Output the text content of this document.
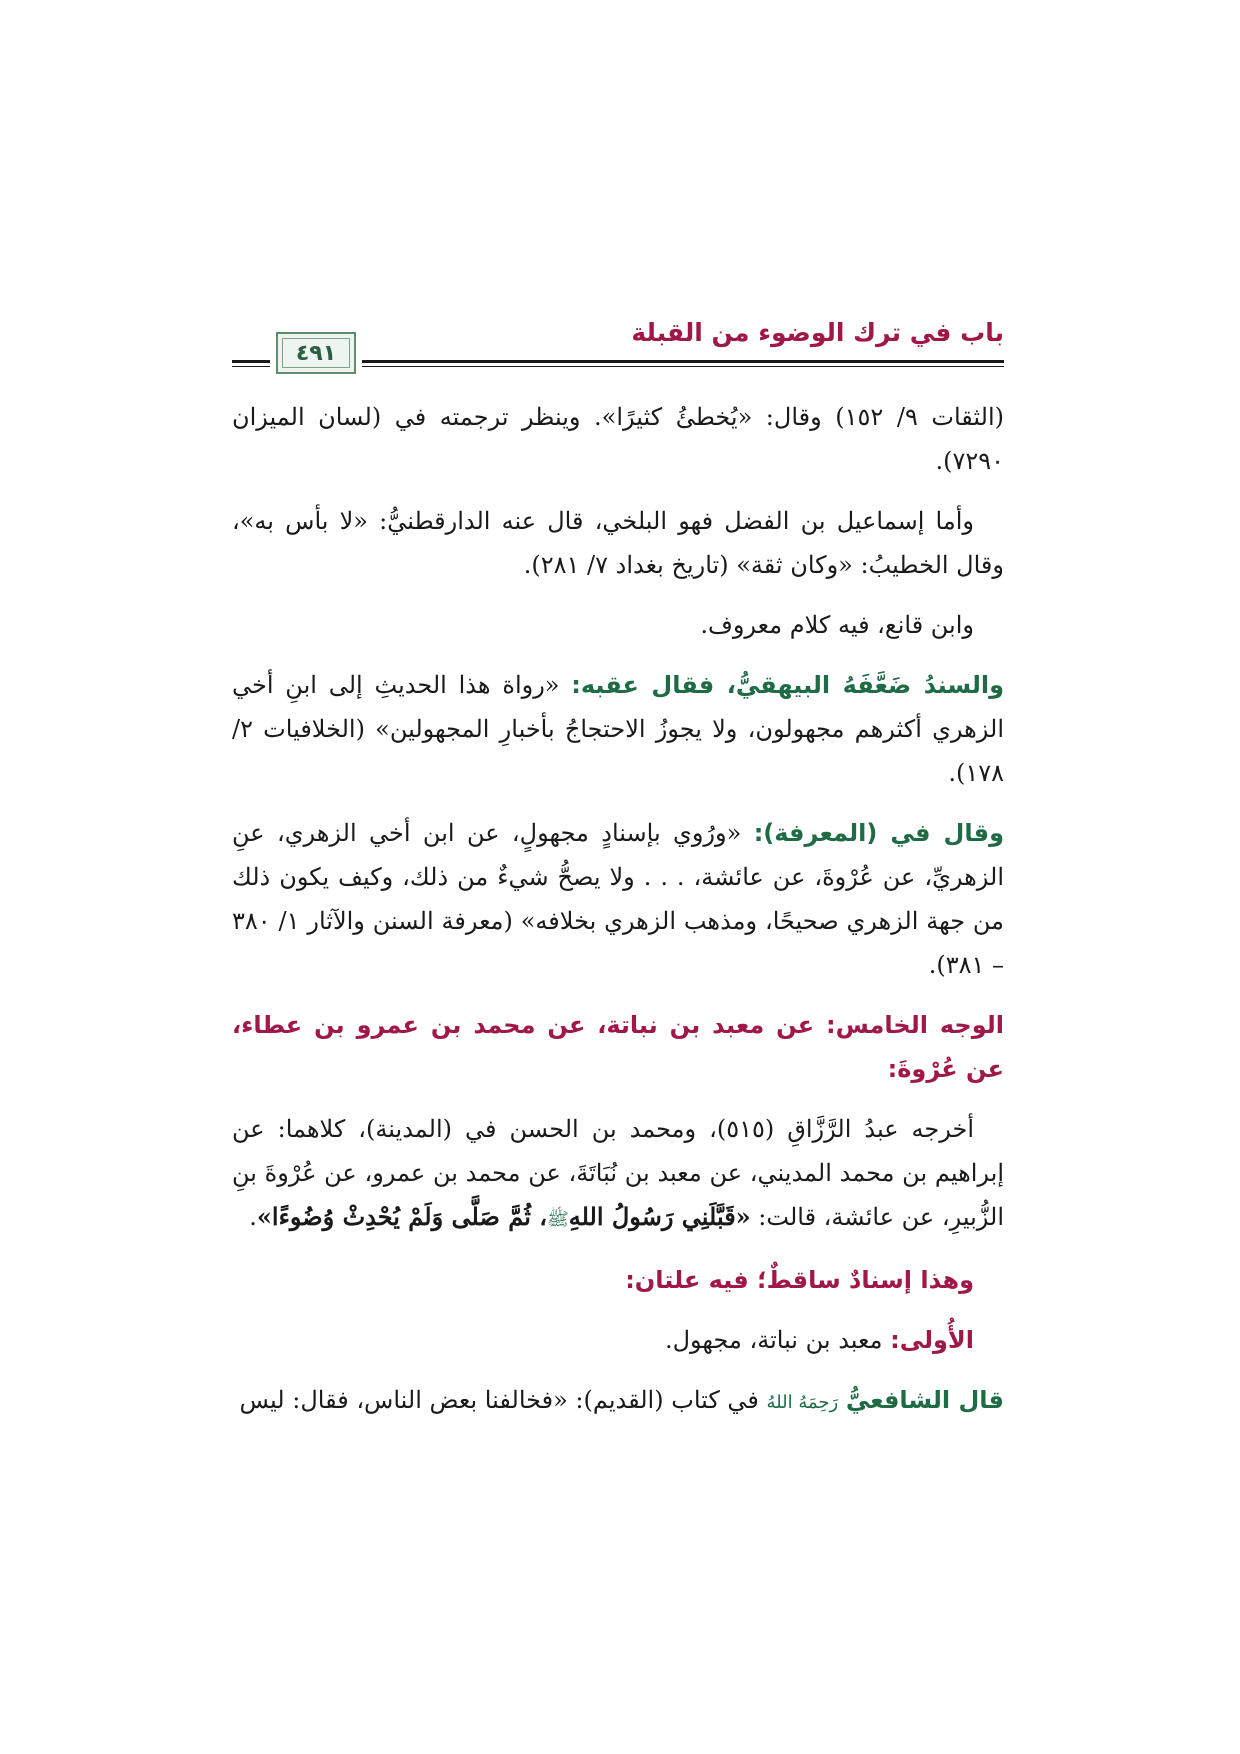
باب في ترك الوضوء من القبلة
٤٩١

(الثقات ٩/ ١٥٢) وقال: «يُخطئُ كثيرًا». وينظر ترجمته في (لسان الميزان ٧٢٩٠).

وأما إسماعيل بن الفضل فهو البلخي، قال عنه الدارقطنيُّ: «لا بأس به»، وقال الخطيبُ: «وكان ثقة» (تاريخ بغداد ٧/ ٢٨١).

وابن قانع، فيه كلام معروف.

والسندُ ضَعَّفَهُ البيهقيُّ، فقال عقبه: «رواة هذا الحديثِ إلى ابنِ أخي الزهري أكثرهم مجهولون، ولا يجوزُ الاحتجاجُ بأخبارِ المجهولين» (الخلافيات ٢/ ١٧٨).

وقال في (المعرفة): «ورُوي بإسنادٍ مجهولٍ، عن ابن أخي الزهري، عنِ الزهريِّ، عن عُرْوةَ، عن عائشة، . . . ولا يصحُّ شيءٌ من ذلك، وكيف يكون ذلك من جهة الزهري صحيحًا، ومذهب الزهري بخلافه» (معرفة السنن والآثار ١/ ٣٨٠ – ٣٨١).

الوجه الخامس: عن معبد بن نباتة، عن محمد بن عمرو بن عطاء، عن عُرْوةَ:

أخرجه عبدُ الرَّزَّاقِ (٥١٥)، ومحمد بن الحسن في (المدينة)، كلاهما: عن إبراهيم بن محمد المديني، عن معبد بن نُبَاتَةَ، عن محمد بن عمرو، عن عُرْوةَ بنِ الزُّبيرِ، عن عائشة، قالت: «قَبَّلَنِي رَسُولُ اللهِﷺ، ثُمَّ صَلَّى وَلَمْ يُحْدِثْ وُضُوءًا».

وهذا إسنادٌ ساقطٌ؛ فيه علتان:

الأُولى: معبد بن نباتة، مجهول.

قال الشافعيُّ رَحِمَهُ اللهُ في كتاب (القديم): «فخالفنا بعض الناس، فقال: ليس
